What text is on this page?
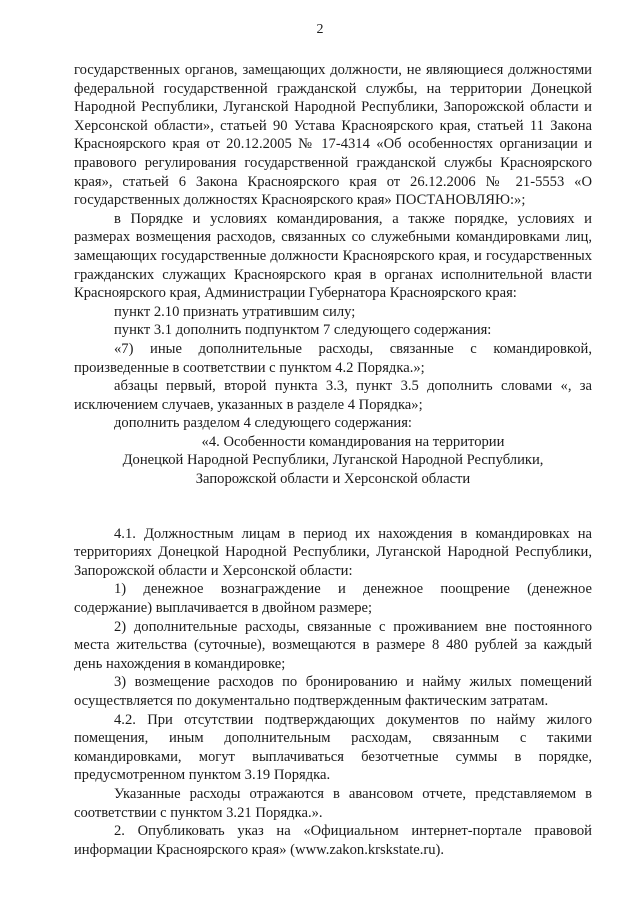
2

государственных органов, замещающих должности, не являющиеся должностями федеральной государственной гражданской службы, на территории Донецкой Народной Республики, Луганской Народной Республики, Запорожской области и Херсонской области», статьей 90 Устава Красноярского края, статьей 11 Закона Красноярского края от 20.12.2005 № 17-4314 «Об особенностях организации и правового регулирования государственной гражданской службы Красноярского края», статьей 6 Закона Красноярского края от 26.12.2006 № 21-5553 «О государственных должностях Красноярского края» ПОСТАНОВЛЯЮ:»;

в Порядке и условиях командирования, а также порядке, условиях и размерах возмещения расходов, связанных со служебными командировками лиц, замещающих государственные должности Красноярского края, и государственных гражданских служащих Красноярского края в органах исполнительной власти Красноярского края, Администрации Губернатора Красноярского края:

пункт 2.10 признать утратившим силу;

пункт 3.1 дополнить подпунктом 7 следующего содержания:

«7) иные дополнительные расходы, связанные с командировкой, произведенные в соответствии с пунктом 4.2 Порядка.»;

абзацы первый, второй пункта 3.3, пункт 3.5 дополнить словами «, за исключением случаев, указанных в разделе 4 Порядка»;

дополнить разделом 4 следующего содержания:

«4. Особенности командирования на территории

Донецкой Народной Республики, Луганской Народной Республики,

Запорожской области и Херсонской области

4.1. Должностным лицам в период их нахождения в командировках на территориях Донецкой Народной Республики, Луганской Народной Республики, Запорожской области и Херсонской области:

1) денежное вознаграждение и денежное поощрение (денежное содержание) выплачивается в двойном размере;

2) дополнительные расходы, связанные с проживанием вне постоянного места жительства (суточные), возмещаются в размере 8 480 рублей за каждый день нахождения в командировке;

3) возмещение расходов по бронированию и найму жилых помещений осуществляется по документально подтвержденным фактическим затратам.

4.2. При отсутствии подтверждающих документов по найму жилого помещения, иным дополнительным расходам, связанным с такими командировками, могут выплачиваться безотчетные суммы в порядке, предусмотренном пунктом 3.19 Порядка.

Указанные расходы отражаются в авансовом отчете, представляемом в соответствии с пунктом 3.21 Порядка.».

2. Опубликовать указ на «Официальном интернет-портале правовой информации Красноярского края» (www.zakon.krskstate.ru).
